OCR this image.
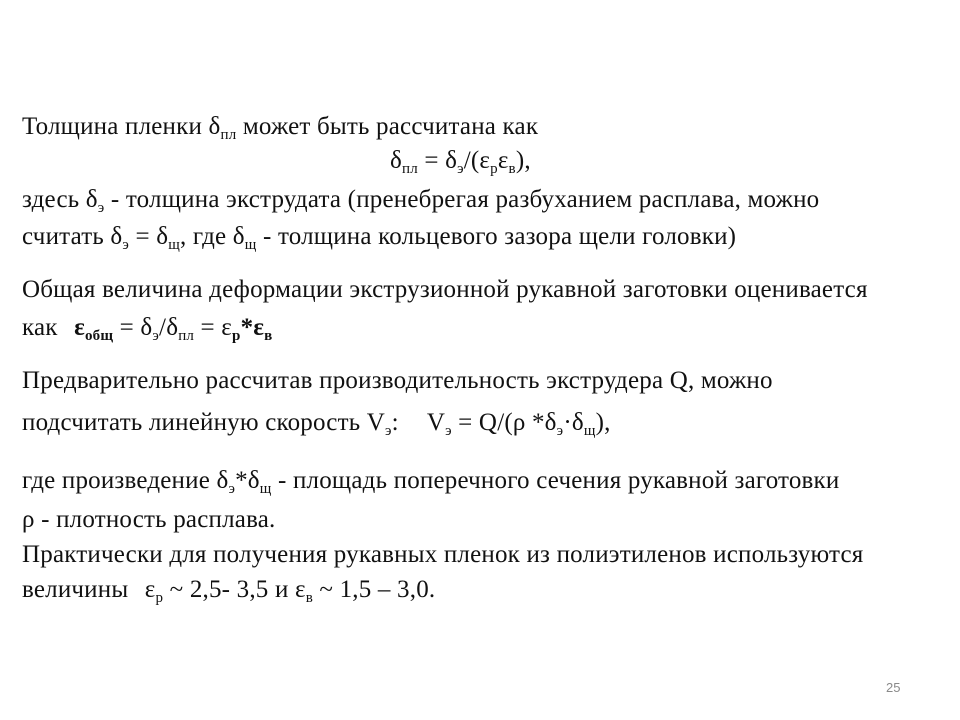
Толщина пленки $\delta_{пл}$ может быть рассчитана как
$\delta_{пл} = \delta_э/(\varepsilon_р\varepsilon_в)$,
здесь $\delta_э$ - толщина экструдата (пренебрегая разбуханием расплава, можно
считать $\delta_э = \delta_щ$, где $\delta_щ$ - толщина кольцевого зазора щели головки)
Общая величина деформации экструзионной рукавной заготовки оценивается
как $\varepsilon_{общ} = \delta_э/\delta_{пл} = \varepsilon_р*\varepsilon_в$
Предварительно рассчитав производительность экструдера Q, можно
подсчитать линейную скорость $V_э$: $V_э = Q/(\rho$ $*\delta_э\cdot\delta_щ$),
где произведение $\delta_э*\delta_щ$ - площадь поперечного сечения рукавной заготовки
ρ - плотность расплава.
Практически для получения рукавных пленок из полиэтиленов используются
величины $\varepsilon_р$ ~ 2,5- 3,5 и $\varepsilon_в$ ~ 1,5 – 3,0.
25
